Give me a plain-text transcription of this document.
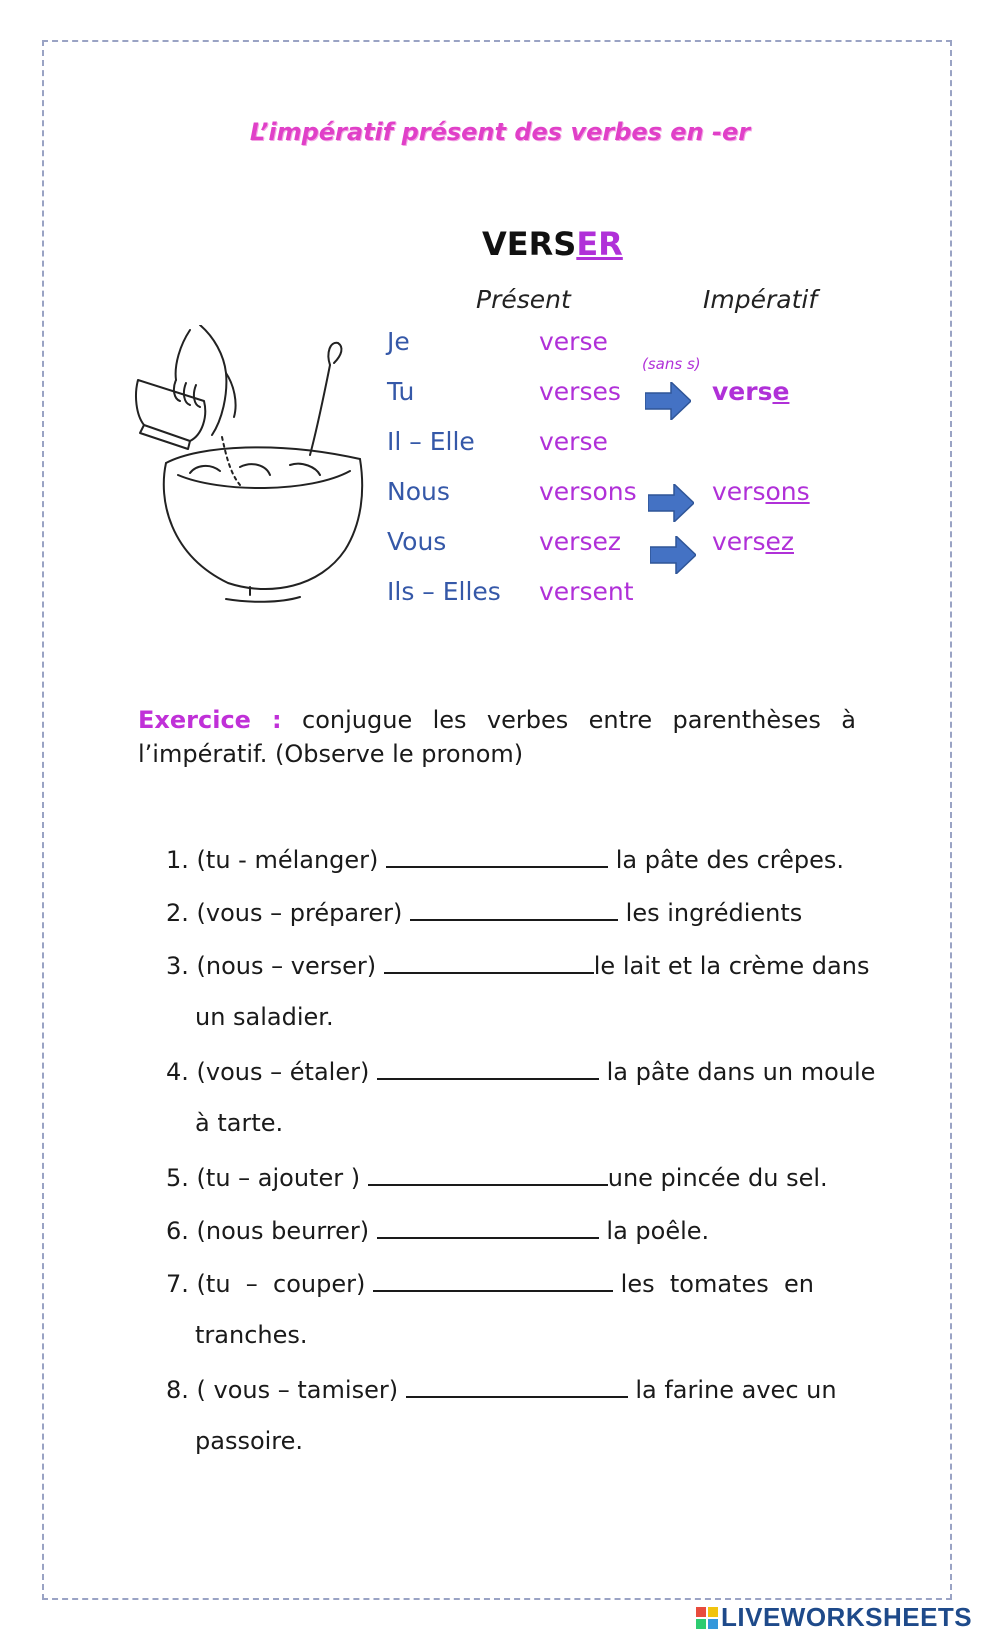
L’impératif présent des verbes en -er
VERSER
Présent	Impératif
Je	verse
(sans s)
Tu	verses	verse
Il – Elle	verse
Nous	versons	versons
Vous	versez	versez
Ils – Elles versent
Exercice : conjugue les verbes entre parenthèses à
l’impératif. (Observe le pronom)
1. (tu - mélanger)	la pâte des crêpes.
2. (vous – préparer)	les ingrédients
3. (nous – verser)	le lait et la crème dans
un saladier.
4. (vous – étaler)	la pâte dans un moule
à tarte.
5. (tu – ajouter )	une pincée du sel.
6. (nous beurrer)	la poêle.
7. (tu  –  couper)	les  tomates  en
tranches.
8. ( vous – tamiser)	la farine avec un
passoire.
LIVEWORKSHEETS
